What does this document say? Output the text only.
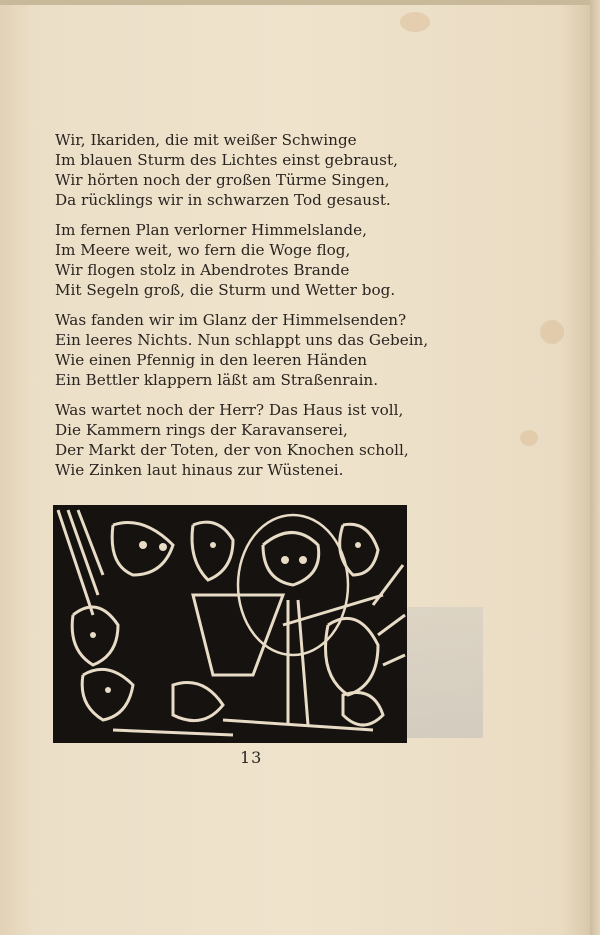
Wir, Ikariden, die mit weißer Schwinge
Im blauen Sturm des Lichtes einst gebraust,
Wir hörten noch der großen Türme Singen,
Da rücklings wir in schwarzen Tod gesaust.
Im fernen Plan verlorner Himmelslande,
Im Meere weit, wo fern die Woge flog,
Wir flogen stolz in Abendrotes Brande
Mit Segeln groß, die Sturm und Wetter bog.
Was fanden wir im Glanz der Himmelsenden?
Ein leeres Nichts. Nun schlappt uns das Gebein,
Wie einen Pfennig in den leeren Händen
Ein Bettler klappern läßt am Straßenrain.
Was wartet noch der Herr? Das Haus ist voll,
Die Kammern rings der Karavanserei,
Der Markt der Toten, der von Knochen scholl,
Wie Zinken laut hinaus zur Wüstenei.
13
